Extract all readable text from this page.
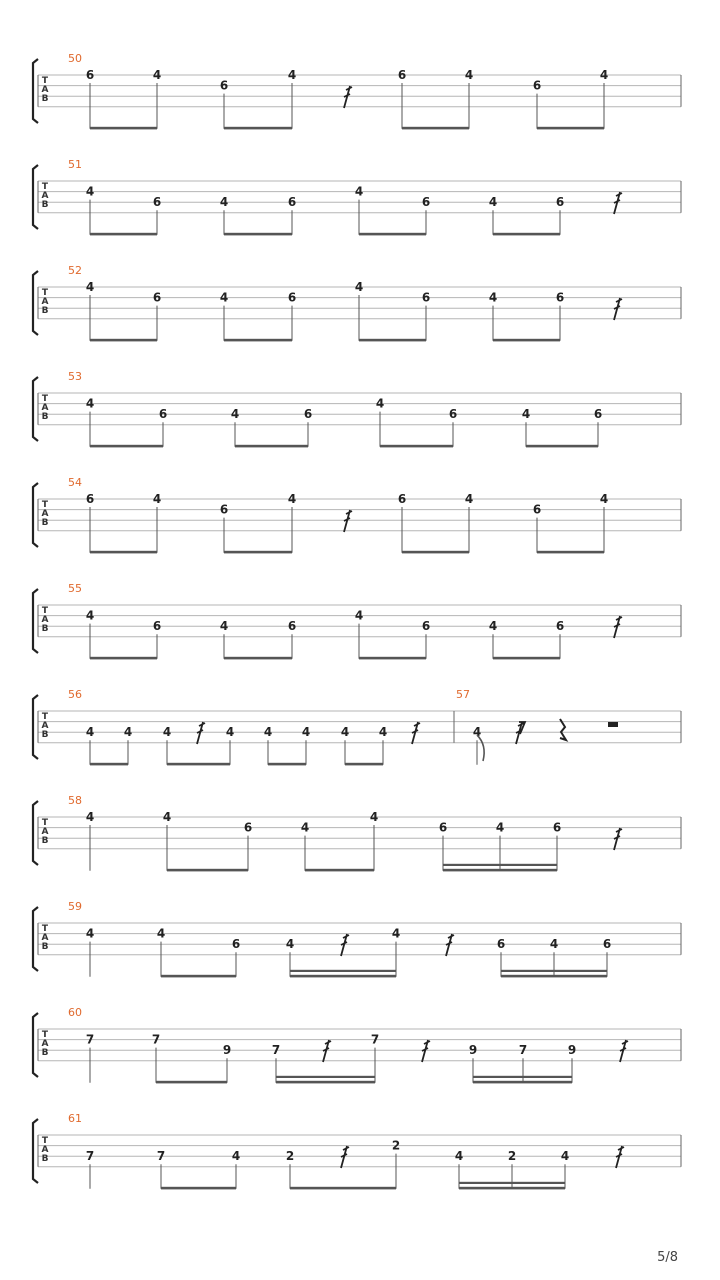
T
A
B
50
6	4
6
4	6	4
6
4
T
A
B
51
4
6	4	6
4
6	4	6
T
A
B
52
4
6	4	6
4
6	4	6
T
A
B
53
4
6	4	6
4
6	4	6
T
A
B
54
6	4
6
4	6	4
6
4
T
A
B
55
4
6	4	6
4
6	4	6
T
A
B
56
4 4	4	4 4 4	4 4	4
T
A
B
58
4	4
6	4
4
6	4	6
T
A
B
59
4	4
6	4
4
6	4	6
T
A
B
60
7	7
9	7
7
9	7	9
T
A
B
61
7	7	4	2
2
4	2	4
57
5/8
